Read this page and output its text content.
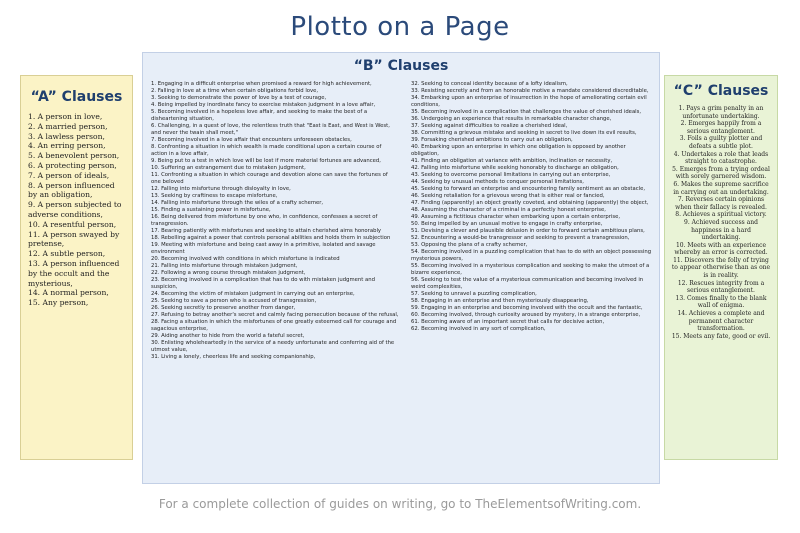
Plotto on a Page
“A” Clauses
1. A person in love,
2. A married person,
3. A lawless person,
4. An erring person,
5. A benevolent person,
6. A protecting person,
7. A person of ideals,
8. A person influenced by an obligation,
9. A person subjected to adverse conditions,
10. A resentful person,
11. A person swayed by pretense,
12. A subtle person,
13. A person influenced by the occult and the mysterious,
14. A normal person,
15. Any person,
“B” Clauses
1. Engaging in a difficult enterprise when promised a reward for high achievement,
2. Falling in love at a time when certain obligations forbid love,
3. Seeking to demonstrate the power of love by a test of courage,
4. Being impelled by inordinate fancy to exercise mistaken judgment in a love affair,
5. Becoming involved in a hopeless love affair, and seeking to make the best of a disheartening situation,
6. Challenging, in a quest of love, the relentless truth that "East is East, and West is West, and never the twain shall meet,"
7. Becoming involved in a love affair that encounters unforeseen obstacles,
8. Confronting a situation in which wealth is made conditional upon a certain course of action in a love affair,
9. Being put to a test in which love will be lost if more material fortunes are advanced,
10. Suffering an estrangement due to mistaken judgment,
11. Confronting a situation in which courage and devotion alone can save the fortunes of one beloved
12. Falling into misfortune through disloyalty in love,
13. Seeking by craftiness to escape misfortune,
14. Falling into misfortune through the wiles of a crafty schemer,
15. Finding a sustaining power in misfortune,
16. Being delivered from misfortune by one who, in confidence, confesses a secret of transgression.
17. Bearing patiently with misfortunes and seeking to attain cherished aims honorably
18. Rebelling against a power that controls personal abilities and holds them in subjection
19. Meeting with misfortune and being cast away in a primitive, isolated and savage environment
20. Becoming involved with conditions in which misfortune is indicated
21. Falling into misfortune through mistaken judgment,
22. Following a wrong course through mistaken judgment,
23. Becoming involved in a complication that has to do with mistaken judgment and suspicion,
24. Becoming the victim of mistaken judgment in carrying out an enterprise,
25. Seeking to save a person who is accused of transgression,
26. Seeking secretly to preserve another from danger,
27. Refusing to betray another's secret and calmly facing persecution because of the refusal,
28. Facing a situation in which the misfortunes of one greatly esteemed call for courage and sagacious enterprise,
29. Aiding another to hide from the world a fateful secret,
30. Enlisting wholeheartedly in the service of a needy unfortunate and conferring aid of the utmost value,
31. Living a lonely, cheerless life and seeking companionship,
32. Seeking to conceal identity because of a lofty idealism,
33. Resisting secretly and from an honorable motive a mandate considered discreditable,
34. Embarking upon an enterprise of insurrection in the hope of ameliorating certain evil conditions,
35. Becoming involved in a complication that challenges the value of cherished ideals,
36. Undergoing an experience that results in remarkable character change,
37. Seeking against difficulties to realize a cherished ideal,
38. Committing a grievous mistake and seeking in secret to live down its evil results,
39. Forsaking cherished ambitions to carry out an obligation,
40. Embarking upon an enterprise in which one obligation is opposed by another obligation,
41. Finding an obligation at variance with ambition, inclination or necessity,
42. Falling into misfortune while seeking honorably to discharge an obligation,
43. Seeking to overcome personal limitations in carrying out an enterprise,
44. Seeking by unusual methods to conquer personal limitations,
45. Seeking to forward an enterprise and encountering family sentiment as an obstacle,
46. Seeking retaliation for a grievous wrong that is either real or fancied,
47. Finding (apparently) an object greatly coveted, and obtaining (apparently) the object,
48. Assuming the character of a criminal in a perfectly honest enterprise,
49. Assuming a fictitious character when embarking upon a certain enterprise,
50. Being impelled by an unusual motive to engage in crafty enterprise,
51. Devising a clever and plausible delusion in order to forward certain ambitious plans,
52. Encountering a would-be transgressor and seeking to prevent a transgression,
53. Opposing the plans of a crafty schemer,
54. Becoming involved in a puzzling complication that has to do with an object possessing mysterious powers,
55. Becoming involved in a mysterious complication and seeking to make the utmost of a bizarre experience,
56. Seeking to test the value of a mysterious communication and becoming involved in weird complexities,
57. Seeking to unravel a puzzling complication,
58. Engaging in an enterprise and then mysteriously disappearing,
59. Engaging in an enterprise and becoming involved with the occult and the fantastic,
60. Becoming involved, through curiosity aroused by mystery, in a strange enterprise,
61. Becoming aware of an important secret that calls for decisive action,
62. Becoming involved in any sort of complication,
“C” Clauses
1. Pays a grim penalty in an unfortunate undertaking.
2. Emerges happily from a serious entanglement.
3. Foils a guilty plotter and defeats a subtle plot.
4. Undertakes a role that leads straight to catastrophe.
5. Emerges from a trying ordeal with sorely garnered wisdom.
6. Makes the supreme sacrifice in carrying out an undertaking.
7. Reverses certain opinions when their fallacy is revealed.
8. Achieves a spiritual victory.
9. Achieved success and happiness in a hard undertaking.
10. Meets with an experience whereby an error is corrected.
11. Discovers the folly of trying to appear otherwise than as one is in reality.
12. Rescues integrity from a serious entanglement.
13. Comes finally to the blank wall of enigma.
14. Achieves a complete and permanent character transformation.
15. Meets any fate, good or evil.
For a complete collection of guides on writing, go to TheElementsofWriting.com.
